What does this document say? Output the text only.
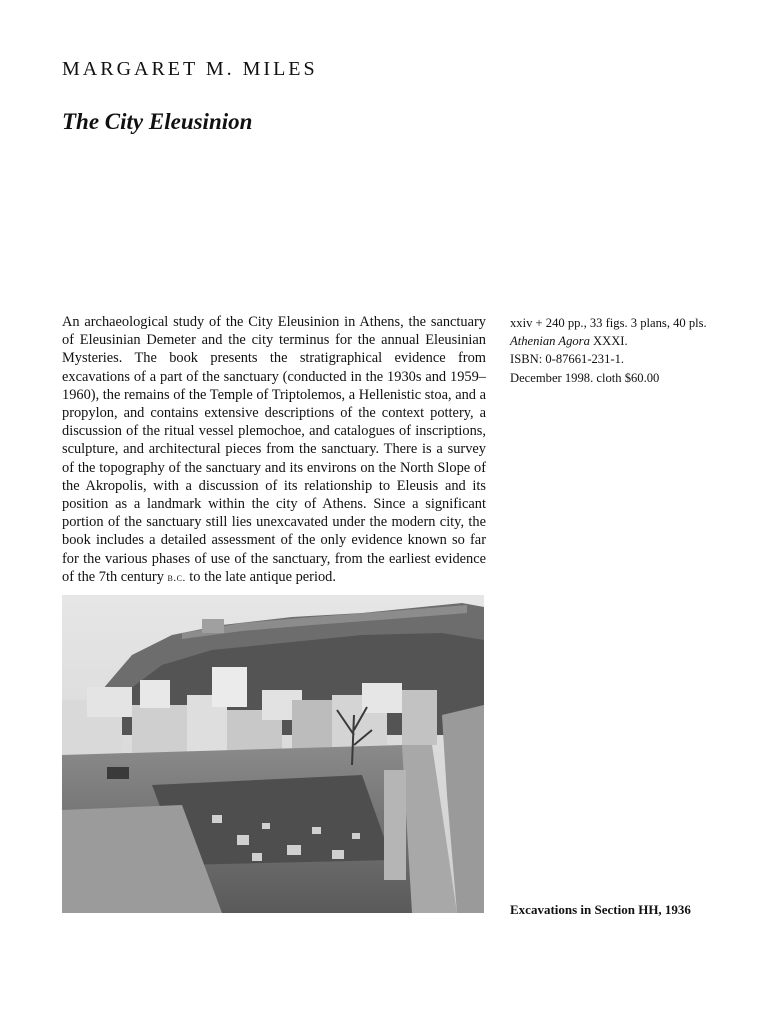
MARGARET M. MILES
The City Eleusinion

An archaeological study of the City Eleusinion in Athens, the sanctuary of Eleusinian Demeter and the city terminus for the annual Eleusinian Mysteries. The book presents the stratigraphical evidence from excavations of a part of the sanctuary (conducted in the 1930s and 1959–1960), the remains of the Temple of Triptolemos, a Hellenistic stoa, and a propylon, and contains extensive descriptions of the context pottery, a discussion of the ritual vessel plemochoe, and catalogues of inscriptions, sculpture, and architectural pieces from the sanctuary. There is a survey of the topography of the sanctuary and its environs on the North Slope of the Akropolis, with a discussion of its relationship to Eleusis and its position as a landmark within the city of Athens. Since a significant portion of the sanctuary still lies unexcavated under the modern city, the book includes a detailed assessment of the only evidence known so far for the various phases of use of the sanctuary, from the earliest evidence of the 7th century b.c. to the late antique period.

xxiv + 240 pp., 33 figs. 3 plans, 40 pls.
Athenian Agora XXXI.
ISBN: 0-87661-231-1.
December 1998. cloth $60.00
Excavations in Section HH, 1936
